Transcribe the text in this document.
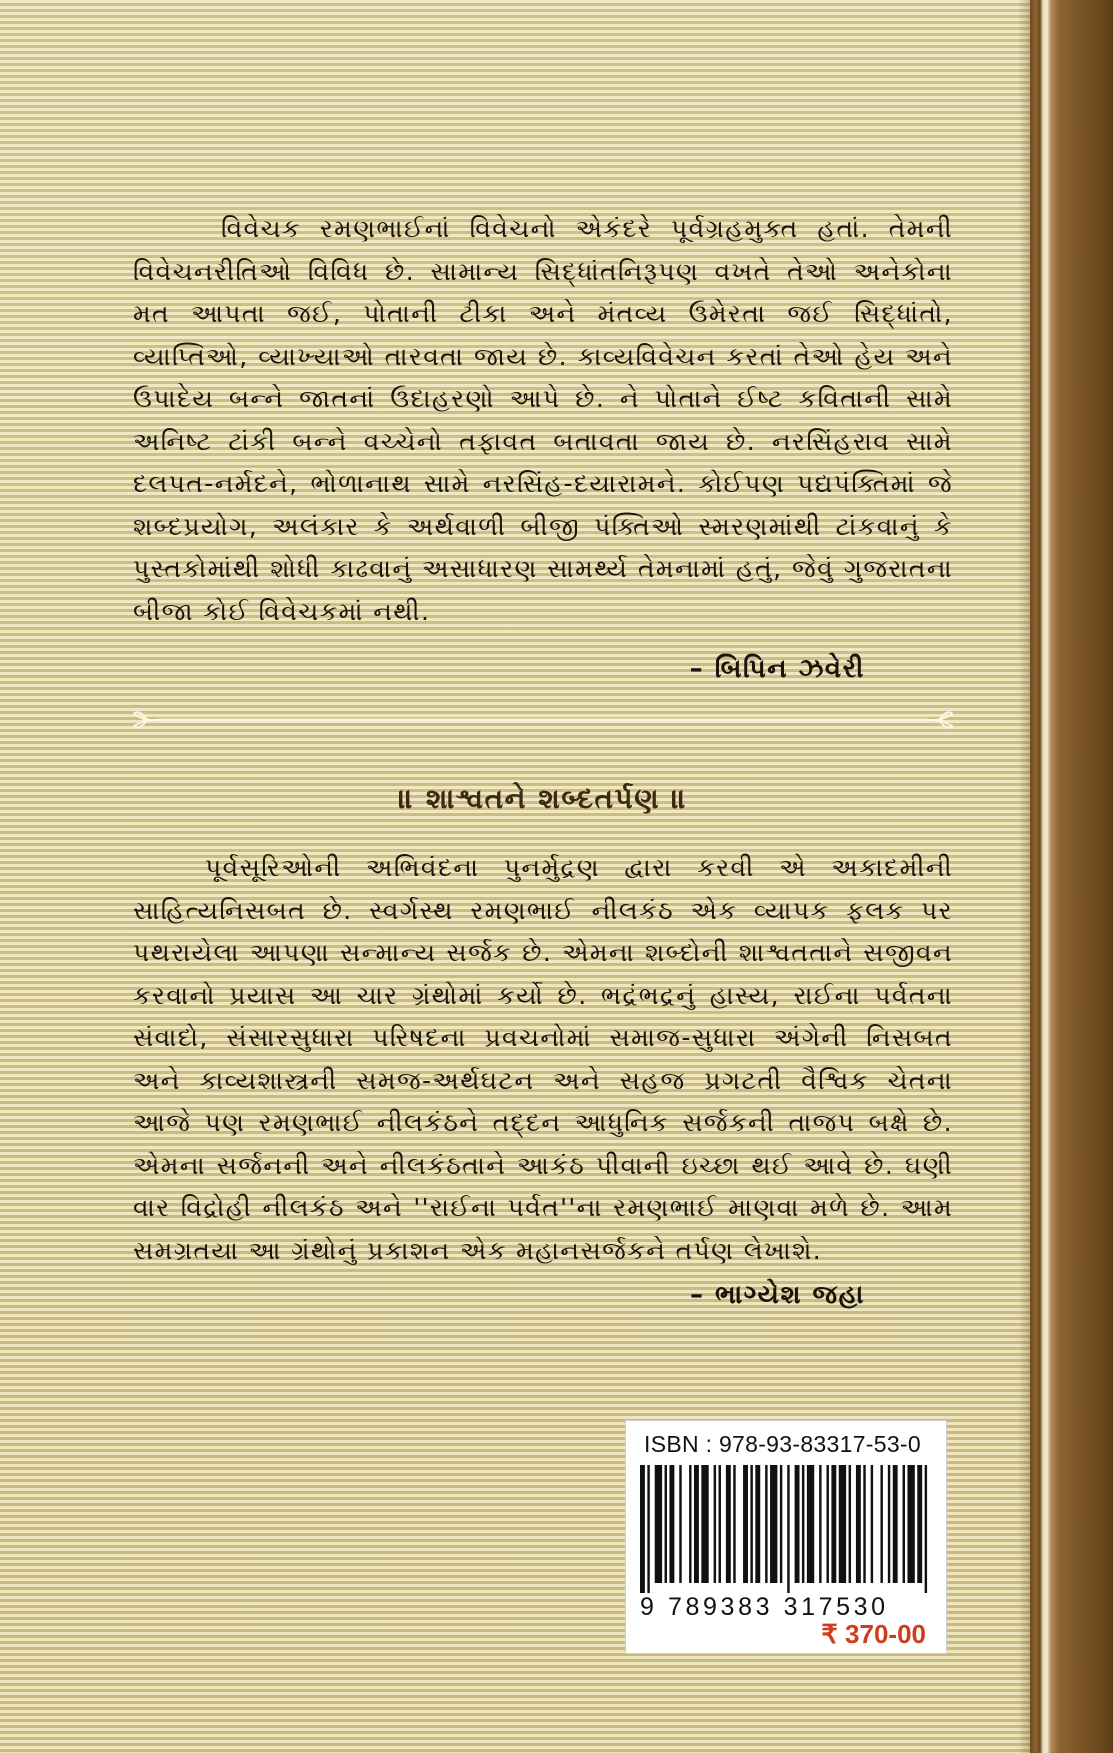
વિવેચક રમણભાઈનાં વિવેચનો એકંદરે પૂર્વગ્રહમુક્ત હતાં. તેમની વિવેચનરીતિઓ વિવિધ છે. સામાન્ય સિદ્ધાંતનિરૂપણ વખતે તેઓ અનેકોના મત આપતા જઈ, પોતાની ટીકા અને મંતવ્ય ઉમેરતા જઈ સિદ્ધાંતો, વ્યાપ્તિઓ, વ્યાખ્યાઓ તારવતા જાય છે. કાવ્યવિવેચન કરતાં તેઓ હેય અને ઉપાદેય બન્ને જાતનાં ઉદાહરણો આપે છે. ને પોતાને ઈષ્ટ કવિતાની સામે અનિષ્ટ ટાંકી બન્ને વચ્ચેનો તફાવત બતાવતા જાય છે. નરસિંહરાવ સામે દલપત-નર્મદને, ભોળાનાથ સામે નરસિંહ-દયારામને. કોઈપણ પદ્યપંક્તિમાં જે શબ્દપ્રયોગ, અલંકાર કે અર્થવાળી બીજી પંક્તિઓ સ્મરણમાંથી ટાંકવાનું કે પુસ્તકોમાંથી શોધી કાઢવાનું અસાધારણ સામર્થ્ય તેમનામાં હતું, જેવું ગુજરાતના બીજા કોઈ વિવેચકમાં નથી.
– બિપિન ઝવેરી
॥ શાશ્વતને શબ્દતર્પણ ॥
પૂર્વસૂરિઓની અભિવંદના પુનર્મુદ્રણ દ્વારા કરવી એ અકાદમીની સાહિત્યનિસબત છે. સ્વર્ગસ્થ રમણભાઈ નીલકંઠ એક વ્યાપક ફલક પર પથરાયેલા આપણા સન્માન્ય સર્જક છે. એમના શબ્દોની શાશ્વતતાને સજીવન કરવાનો પ્રયાસ આ ચાર ગ્રંથોમાં કર્યો છે. ભદ્રંભદ્રનું હાસ્ય, રાઈના પર્વતના સંવાદો, સંસારસુધારા પરિષદના પ્રવચનોમાં સમાજ-સુધારા અંગેની નિસબત અને કાવ્યશાસ્ત્રની સમજ-અર્થઘટન અને સહજ પ્રગટતી વૈશ્વિક ચેતના આજે પણ રમણભાઈ નીલકંઠને તદ્દન આધુનિક સર્જકની તાજપ બક્ષે છે. એમના સર્જનની અને નીલકંઠતાને આકંઠ પીવાની ઇચ્છા થઈ આવે છે. ઘણી વાર વિદ્રોહી નીલકંઠ અને ''રાઈના પર્વત''ના રમણભાઈ માણવા મળે છે. આમ સમગ્રતયા આ ગ્રંથોનું પ્રકાશન એક મહાનસર્જકને તર્પણ લેખાશે.
– ભાગ્યેશ જહા
ISBN : 978-93-83317-53-0
9 789383 317530
₹ 370-00
